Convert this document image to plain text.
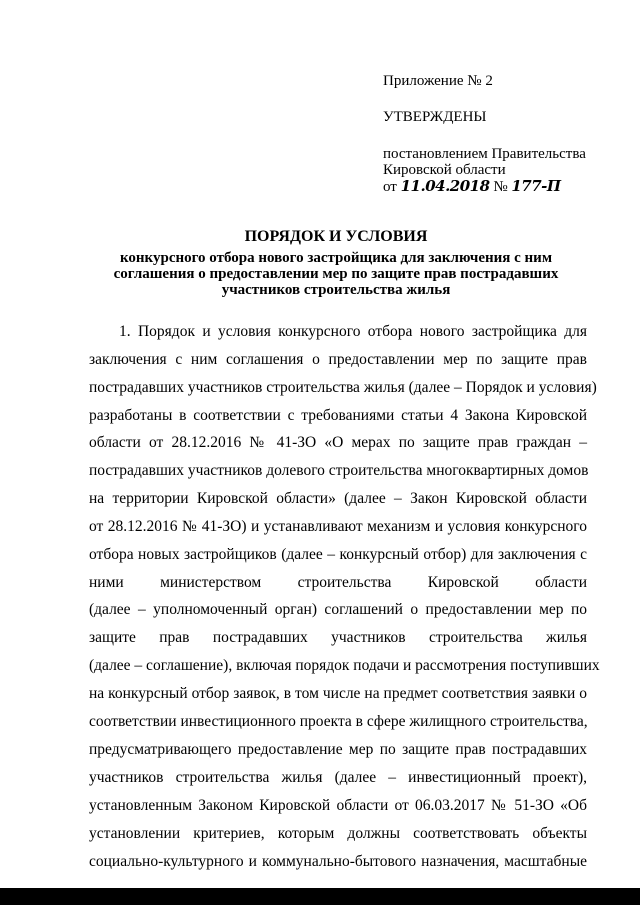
Приложение № 2
УТВЕРЖДЕНЫ
постановлением Правительства
Кировской области
от 11.04.2018 № 177-П
ПОРЯДОК И УСЛОВИЯ
конкурсного отбора нового застройщика для заключения с ним
соглашения о предоставлении мер по защите прав пострадавших
участников строительства жилья
1. Порядок и условия конкурсного отбора нового застройщика для
заключения с ним соглашения о предоставлении мер по защите прав
пострадавших участников строительства жилья (далее – Порядок и условия)
разработаны в соответствии с требованиями статьи 4 Закона Кировской
области от 28.12.2016 № 41-ЗО «О мерах по защите прав граждан –
пострадавших участников долевого строительства многоквартирных домов
на территории Кировской области» (далее – Закон Кировской области
от 28.12.2016 № 41-ЗО) и устанавливают механизм и условия конкурсного
отбора новых застройщиков (далее – конкурсный отбор) для заключения с
ними министерством строительства Кировской области
(далее – уполномоченный орган) соглашений о предоставлении мер по
защите прав пострадавших участников строительства жилья
(далее – соглашение), включая порядок подачи и рассмотрения поступивших
на конкурсный отбор заявок, в том числе на предмет соответствия заявки о
соответствии инвестиционного проекта в сфере жилищного строительства,
предусматривающего предоставление мер по защите прав пострадавших
участников строительства жилья (далее – инвестиционный проект),
установленным Законом Кировской области от 06.03.2017 № 51-ЗО «Об
установлении критериев, которым должны соответствовать объекты
социально-культурного и коммунально-бытового назначения, масштабные
